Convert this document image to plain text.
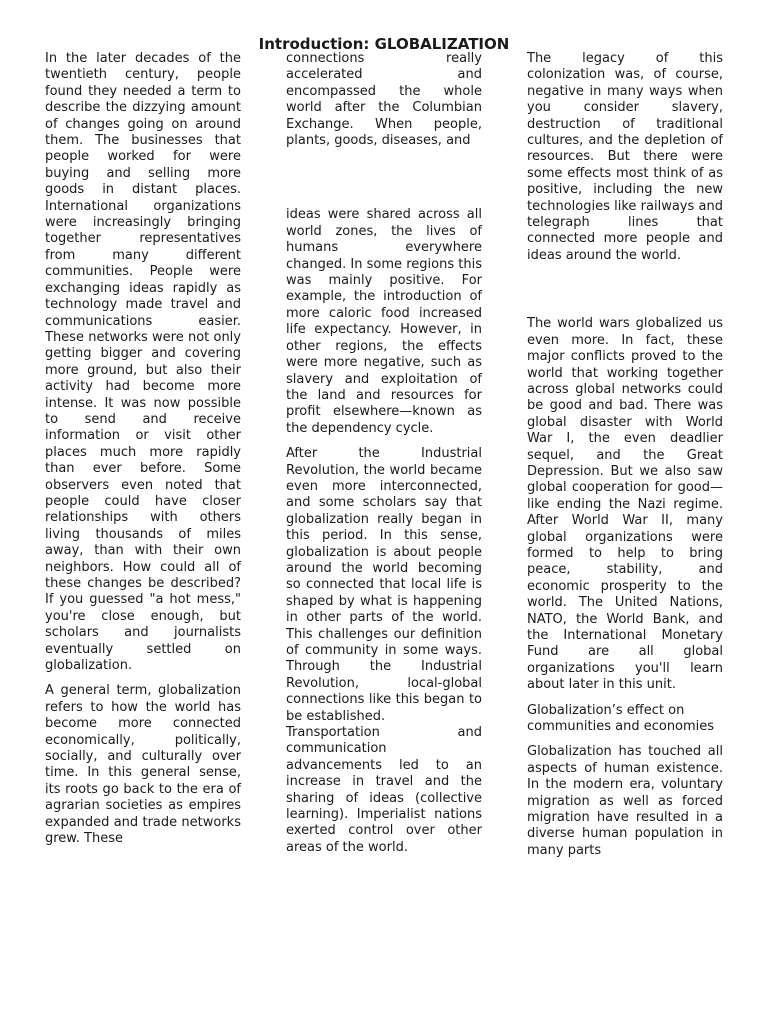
Introduction: GLOBALIZATION

In the later decades of the twentieth century, people found they needed a term to describe the dizzying amount of changes going on around them. The businesses that people worked for were buying and selling more goods in distant places. International organizations were increasingly bringing together representatives from many different communities. People were exchanging ideas rapidly as technology made travel and communications easier. These networks were not only getting bigger and covering more ground, but also their activity had become more intense. It was now possible to send and receive information or visit other places much more rapidly than ever before. Some observers even noted that people could have closer relationships with others living thousands of miles away, than with their own neighbors. How could all of these changes be described? If you guessed "a hot mess," you're close enough, but scholars and journalists eventually settled on globalization.

A general term, globalization refers to how the world has become more connected economically, politically, socially, and culturally over time. In this general sense, its roots go back to the era of agrarian societies as empires expanded and trade networks grew. These

connections really accelerated and encompassed the whole world after the Columbian Exchange. When people, plants, goods, diseases, and

ideas were shared across all world zones, the lives of humans everywhere changed. In some regions this was mainly positive. For example, the introduction of more caloric food increased life expectancy. However, in other regions, the effects were more negative, such as slavery and exploitation of the land and resources for profit elsewhere—known as the dependency cycle.

After the Industrial Revolution, the world became even more interconnected, and some scholars say that globalization really began in this period. In this sense, globalization is about people around the world becoming so connected that local life is shaped by what is happening in other parts of the world. This challenges our definition of community in some ways. Through the Industrial Revolution, local-global connections like this began to be established.

Transportation and communication advancements led to an increase in travel and the sharing of ideas (collective learning). Imperialist nations exerted control over other areas of the world.

The legacy of this colonization was, of course, negative in many ways when you consider slavery, destruction of traditional cultures, and the depletion of resources. But there were some effects most think of as positive, including the new technologies like railways and telegraph lines that connected more people and ideas around the world.

The world wars globalized us even more. In fact, these major conflicts proved to the world that working together across global networks could be good and bad. There was global disaster with World War I, the even deadlier sequel, and the Great Depression. But we also saw global cooperation for good—like ending the Nazi regime. After World War II, many global organizations were formed to help to bring peace, stability, and economic prosperity to the world. The United Nations, NATO, the World Bank, and the International Monetary Fund are all global organizations you'll learn about later in this unit.

Globalization’s effect on communities and economies

Globalization has touched all aspects of human existence. In the modern era, voluntary migration as well as forced migration have resulted in a diverse human population in many parts
